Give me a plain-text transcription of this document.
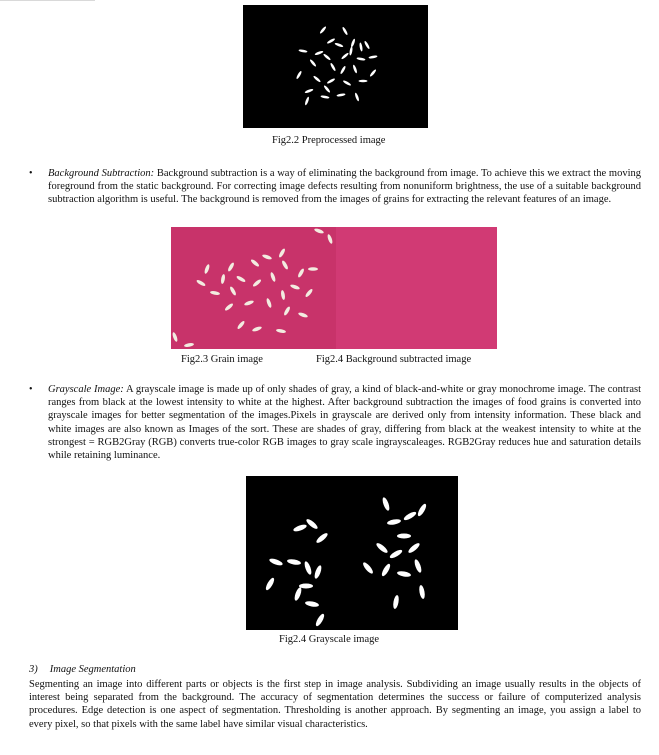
Fig2.2 Preprocessed image
• Background Subtraction: Background subtraction is a way of eliminating the background from image. To achieve this we extract the moving foreground from the static background. For correcting image defects resulting from nonuniform brightness, the use of a suitable background subtraction algorithm is useful. The background is removed from the images of grains for extracting the relevant features of an image.

Fig2.3 Grain image	Fig2.4 Background subtracted image
• Grayscale Image: A grayscale image is made up of only shades of gray, a kind of black-and-white or gray monochrome image. The contrast ranges from black at the lowest intensity to white at the highest. After background subtraction the images of food grains is converted into grayscale images for better segmentation of the images.Pixels in grayscale are derived only from intensity information. These black and white images are also known as Images of the sort. These are shades of gray, differing from black at the weakest intensity to white at the strongest = RGB2Gray (RGB) converts true-color RGB images to gray scale ingrayscaleages. RGB2Gray reduces hue and saturation details while retaining luminance.

Fig2.4 Grayscale image
3) Image Segmentation

Segmenting an image into different parts or objects is the first step in image analysis. Subdividing an image usually results in the objects of interest being separated from the background. The accuracy of segmentation determines the success or failure of computerized analysis procedures. Edge detection is one aspect of segmentation. Thresholding is another approach. By segmenting an image, you assign a label to every pixel, so that pixels with the same label have similar visual characteristics.
